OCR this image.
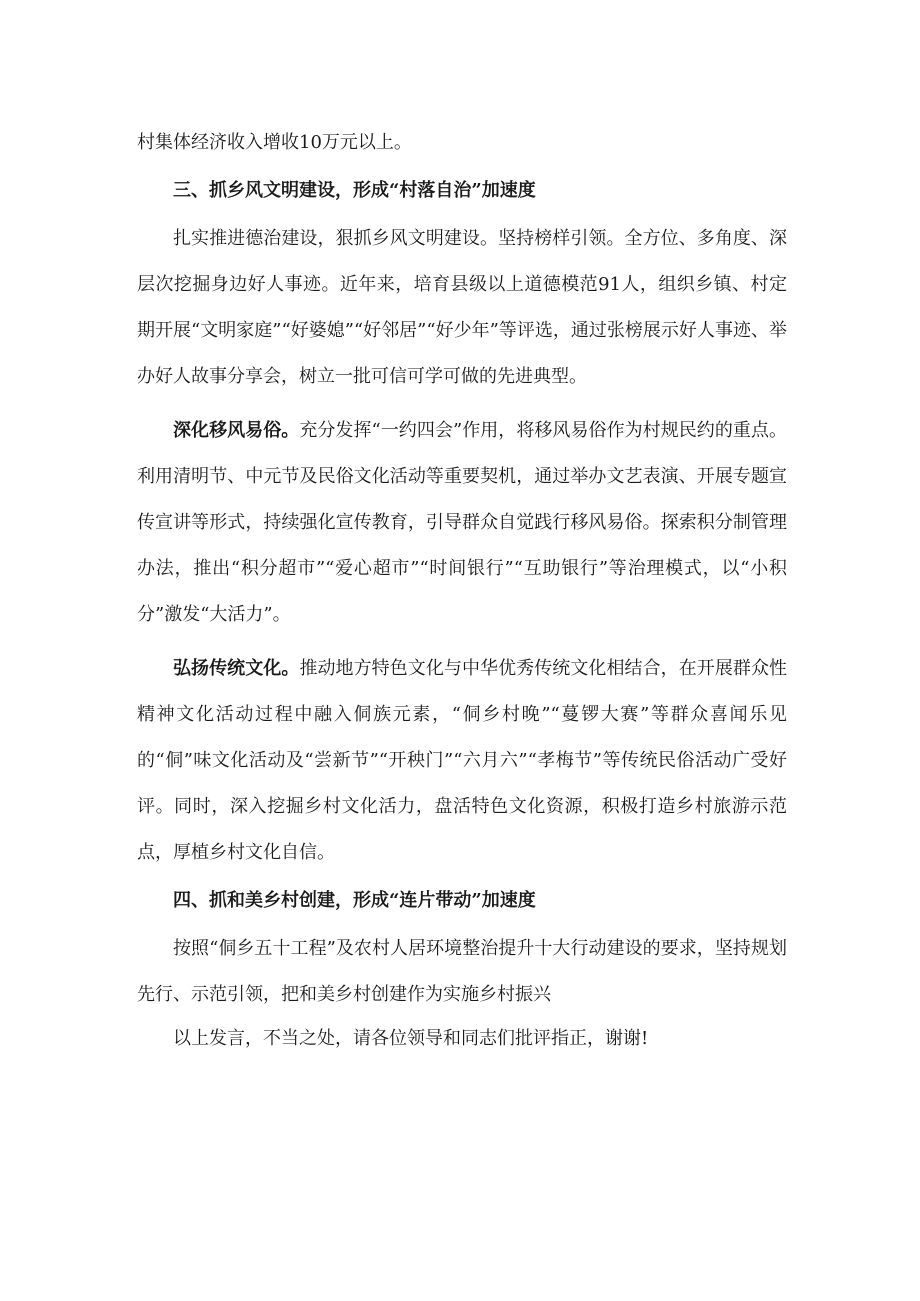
村集体经济收入增收10万元以上。

三、抓乡风文明建设，形成“村落自治”加速度

扎实推进德治建设，狠抓乡风文明建设。坚持榜样引领。全方位、多角度、深层次挖掘身边好人事迹。近年来，培育县级以上道德模范91人，组织乡镇、村定期开展“文明家庭”“好婆媳”“好邻居”“好少年”等评选，通过张榜展示好人事迹、举办好人故事分享会，树立一批可信可学可做的先进典型。

深化移风易俗。充分发挥“一约四会”作用，将移风易俗作为村规民约的重点。利用清明节、中元节及民俗文化活动等重要契机，通过举办文艺表演、开展专题宣传宣讲等形式，持续强化宣传教育，引导群众自觉践行移风易俗。探索积分制管理办法，推出“积分超市”“爱心超市”“时间银行”“互助银行”等治理模式，以“小积分”激发“大活力”。

弘扬传统文化。推动地方特色文化与中华优秀传统文化相结合，在开展群众性精神文化活动过程中融入侗族元素，“侗乡村晚”“蔓锣大赛”等群众喜闻乐见的“侗”味文化活动及“尝新节”“开秧门”“六月六”“孝梅节”等传统民俗活动广受好评。同时，深入挖掘乡村文化活力，盘活特色文化资源，积极打造乡村旅游示范点，厚植乡村文化自信。

四、抓和美乡村创建，形成“连片带动”加速度

按照“侗乡五十工程”及农村人居环境整治提升十大行动建设的要求，坚持规划先行、示范引领，把和美乡村创建作为实施乡村振兴

以上发言，不当之处，请各位领导和同志们批评指正，谢谢!
